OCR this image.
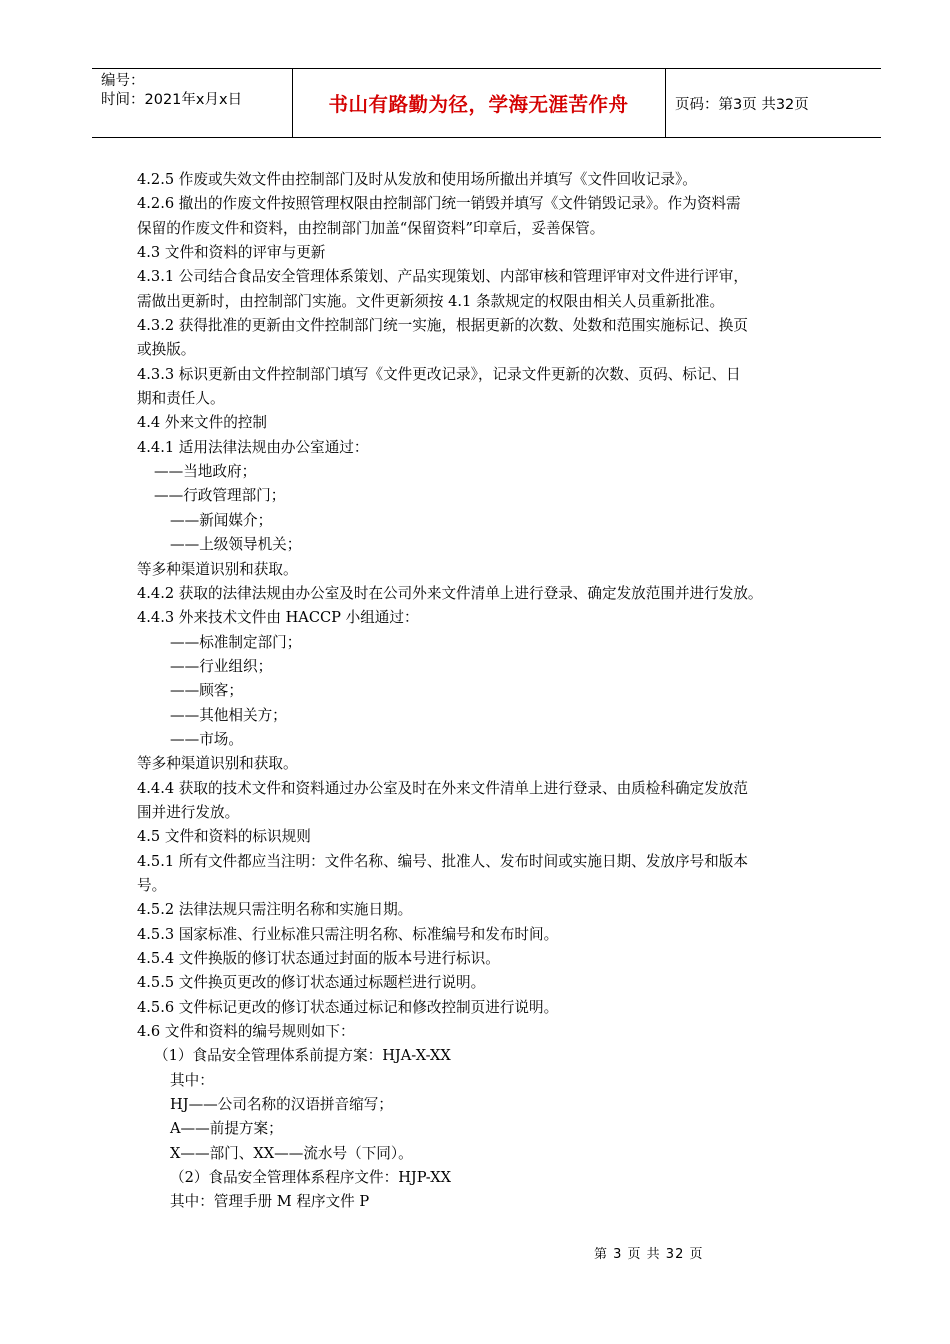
编号：
时间：2021年x月x日	书山有路勤为径，学海无涯苦作舟	页码：第3页 共32页
4.2.5 作废或失效文件由控制部门及时从发放和使用场所撤出并填写《文件回收记录》。
4.2.6 撤出的作废文件按照管理权限由控制部门统一销毁并填写《文件销毁记录》。作为资料需
保留的作废文件和资料，由控制部门加盖“保留资料”印章后，妥善保管。
4.3 文件和资料的评审与更新
4.3.1 公司结合食品安全管理体系策划、产品实现策划、内部审核和管理评审对文件进行评审，
需做出更新时，由控制部门实施。文件更新须按 4.1 条款规定的权限由相关人员重新批准。
4.3.2 获得批准的更新由文件控制部门统一实施，根据更新的次数、处数和范围实施标记、换页
或换版。
4.3.3 标识更新由文件控制部门填写《文件更改记录》，记录文件更新的次数、页码、标记、日
期和责任人。
4.4 外来文件的控制
4.4.1 适用法律法规由办公室通过：
——当地政府；
——行政管理部门；
——新闻媒介；
——上级领导机关；
等多种渠道识别和获取。
4.4.2 获取的法律法规由办公室及时在公司外来文件清单上进行登录、确定发放范围并进行发放。
4.4.3 外来技术文件由 HACCP 小组通过：
——标准制定部门；
——行业组织；
——顾客；
——其他相关方；
——市场。
等多种渠道识别和获取。
4.4.4 获取的技术文件和资料通过办公室及时在外来文件清单上进行登录、由质检科确定发放范
围并进行发放。
4.5 文件和资料的标识规则
4.5.1 所有文件都应当注明：文件名称、编号、批准人、发布时间或实施日期、发放序号和版本
号。
4.5.2 法律法规只需注明名称和实施日期。
4.5.3 国家标准、行业标准只需注明名称、标准编号和发布时间。
4.5.4 文件换版的修订状态通过封面的版本号进行标识。
4.5.5 文件换页更改的修订状态通过标题栏进行说明。
4.5.6 文件标记更改的修订状态通过标记和修改控制页进行说明。
4.6 文件和资料的编号规则如下：
（1）食品安全管理体系前提方案：HJA-X-XX
其中：
HJ——公司名称的汉语拼音缩写；
A——前提方案；
X——部门、XX——流水号（下同）。
（2）食品安全管理体系程序文件：HJP-XX
其中：管理手册 M 程序文件 P
第 3 页 共 32 页
